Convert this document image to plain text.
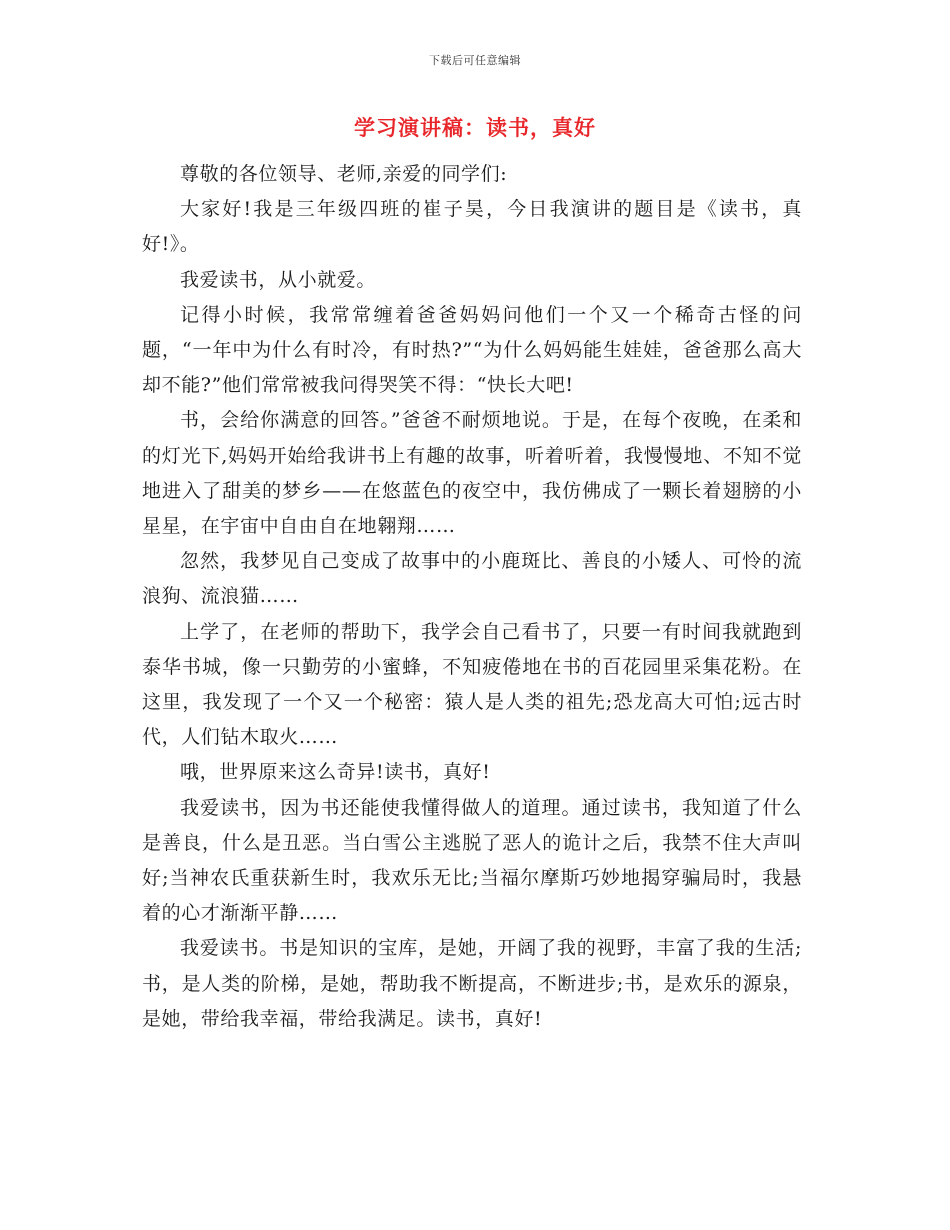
下载后可任意编辑
学习演讲稿：读书，真好

尊敬的各位领导、老师,亲爱的同学们:

大家好!我是三年级四班的崔子昊，今日我演讲的题目是《读书，真好!》。

我爱读书，从小就爱。

记得小时候，我常常缠着爸爸妈妈问他们一个又一个稀奇古怪的问题，“一年中为什么有时冷，有时热?”“为什么妈妈能生娃娃，爸爸那么高大却不能?”他们常常被我问得哭笑不得：“快长大吧!

书，会给你满意的回答。”爸爸不耐烦地说。于是，在每个夜晚，在柔和的灯光下,妈妈开始给我讲书上有趣的故事，听着听着，我慢慢地、不知不觉地进入了甜美的梦乡——在悠蓝色的夜空中，我仿佛成了一颗长着翅膀的小星星，在宇宙中自由自在地翱翔……

忽然，我梦见自己变成了故事中的小鹿斑比、善良的小矮人、可怜的流浪狗、流浪猫……

上学了，在老师的帮助下，我学会自己看书了，只要一有时间我就跑到泰华书城，像一只勤劳的小蜜蜂，不知疲倦地在书的百花园里采集花粉。在这里，我发现了一个又一个秘密：猿人是人类的祖先;恐龙高大可怕;远古时代，人们钻木取火……

哦，世界原来这么奇异!读书，真好!

我爱读书，因为书还能使我懂得做人的道理。通过读书，我知道了什么是善良，什么是丑恶。当白雪公主逃脱了恶人的诡计之后，我禁不住大声叫好;当神农氏重获新生时，我欢乐无比;当福尔摩斯巧妙地揭穿骗局时，我悬着的心才渐渐平静……

我爱读书。书是知识的宝库，是她，开阔了我的视野，丰富了我的生活;书，是人类的阶梯，是她，帮助我不断提高，不断进步;书，是欢乐的源泉，是她，带给我幸福，带给我满足。读书，真好!
